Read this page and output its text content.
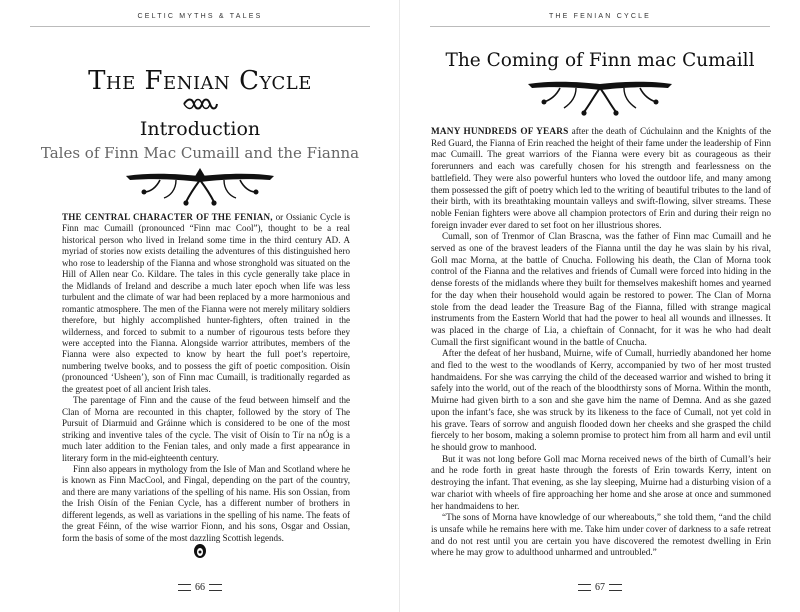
CELTIC MYTHS & TALES
The Fenian Cycle
Introduction
Tales of Finn Mac Cumaill and the Fianna

THE CENTRAL CHARACTER OF THE FENIAN, or Ossianic Cycle is Finn mac Cumaill (pronounced “Finn mac Cool”), thought to be a real historical person who lived in Ireland some time in the third century AD. A myriad of stories now exists detailing the adventures of this distinguished hero who rose to leadership of the Fianna and whose stronghold was situated on the Hill of Allen near Co. Kildare. The tales in this cycle generally take place in the Midlands of Ireland and describe a much later epoch when life was less turbulent and the climate of war had been replaced by a more harmonious and romantic atmosphere. The men of the Fianna were not merely military soldiers therefore, but highly accomplished hunter-fighters, often trained in the wilderness, and forced to submit to a number of rigourous tests before they were accepted into the Fianna. Alongside warrior attributes, members of the Fianna were also expected to know by heart the full poet’s repertoire, numbering twelve books, and to possess the gift of poetic composition. Oisín (pronounced ‘Usheen’), son of Finn mac Cumaill, is traditionally regarded as the greatest poet of all ancient Irish tales.

The parentage of Finn and the cause of the feud between himself and the Clan of Morna are recounted in this chapter, followed by the story of The Pursuit of Diarmuid and Gráinne which is considered to be one of the most striking and inventive tales of the cycle. The visit of Oisín to Tír na nÓg is a much later addition to the Fenian tales, and only made a first appearance in literary form in the mid-eighteenth century.

Finn also appears in mythology from the Isle of Man and Scotland where he is known as Finn MacCool, and Fingal, depending on the part of the country, and there are many variations of the spelling of his name. His son Ossian, from the Irish Oisín of the Fenian Cycle, has a different number of brothers in different legends, as well as variations in the spelling of his name. The feats of the great Féinn, of the wise warrior Fionn, and his sons, Osgar and Ossian, form the basis of some of the most dazzling Scottish legends.

66
THE FENIAN CYCLE
The Coming of Finn mac Cumaill

MANY HUNDREDS OF YEARS after the death of Cúchulainn and the Knights of the Red Guard, the Fianna of Erin reached the height of their fame under the leadership of Finn mac Cumaill. The great warriors of the Fianna were every bit as courageous as their forerunners and each was carefully chosen for his strength and fearlessness on the battlefield. They were also powerful hunters who loved the outdoor life, and many among them possessed the gift of poetry which led to the writing of beautiful tributes to the land of their birth, with its breathtaking mountain valleys and swift-flowing, silver streams. These noble Fenian fighters were above all champion protectors of Erin and during their reign no foreign invader ever dared to set foot on her illustrious shores.

Cumall, son of Trenmor of Clan Brascna, was the father of Finn mac Cumaill and he served as one of the bravest leaders of the Fianna until the day he was slain by his rival, Goll mac Morna, at the battle of Cnucha. Following his death, the Clan of Morna took control of the Fianna and the relatives and friends of Cumall were forced into hiding in the dense forests of the midlands where they built for themselves makeshift homes and yearned for the day when their household would again be restored to power. The Clan of Morna stole from the dead leader the Treasure Bag of the Fianna, filled with strange magical instruments from the Eastern World that had the power to heal all wounds and illnesses. It was placed in the charge of Lia, a chieftain of Connacht, for it was he who had dealt Cumall the first significant wound in the battle of Cnucha.

After the defeat of her husband, Muirne, wife of Cumall, hurriedly abandoned her home and fled to the west to the woodlands of Kerry, accompanied by two of her most trusted handmaidens. For she was carrying the child of the deceased warrior and wished to bring it safely into the world, out of the reach of the bloodthirsty sons of Morna. Within the month, Muirne had given birth to a son and she gave him the name of Demna. And as she gazed upon the infant’s face, she was struck by its likeness to the face of Cumall, not yet cold in his grave. Tears of sorrow and anguish flooded down her cheeks and she grasped the child fiercely to her bosom, making a solemn promise to protect him from all harm and evil until he should grow to manhood.

But it was not long before Goll mac Morna received news of the birth of Cumall’s heir and he rode forth in great haste through the forests of Erin towards Kerry, intent on destroying the infant. That evening, as she lay sleeping, Muirne had a disturbing vision of a war chariot with wheels of fire approaching her home and she arose at once and summoned her handmaidens to her.

“The sons of Morna have knowledge of our whereabouts,” she told them, “and the child is unsafe while he remains here with me. Take him under cover of darkness to a safe retreat and do not rest until you are certain you have discovered the remotest dwelling in Erin where he may grow to adulthood unharmed and untroubled.”

67
